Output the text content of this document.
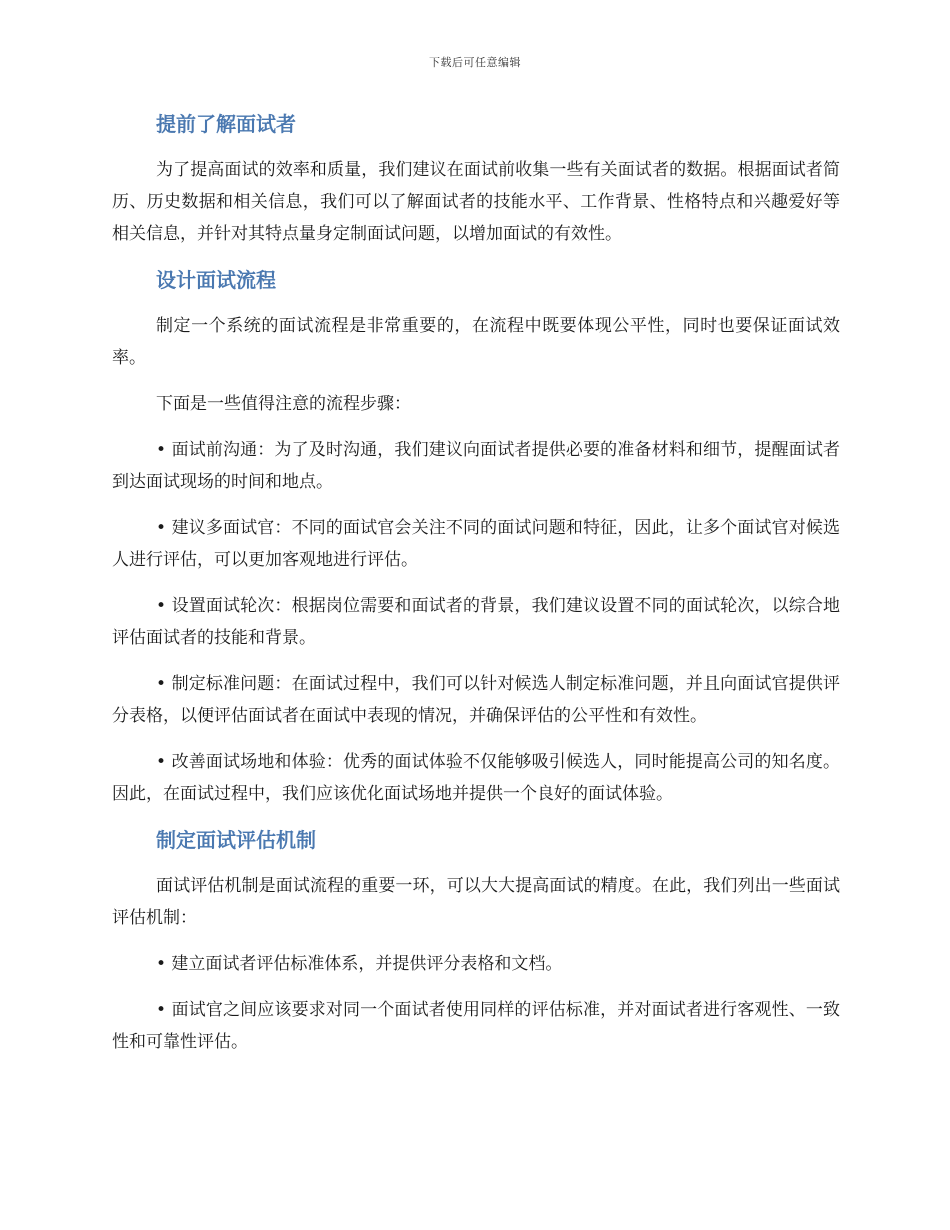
下载后可任意编辑
提前了解面试者

为了提高面试的效率和质量，我们建议在面试前收集一些有关面试者的数据。根据面试者简历、历史数据和相关信息，我们可以了解面试者的技能水平、工作背景、性格特点和兴趣爱好等相关信息，并针对其特点量身定制面试问题，以增加面试的有效性。

设计面试流程

制定一个系统的面试流程是非常重要的，在流程中既要体现公平性，同时也要保证面试效率。

下面是一些值得注意的流程步骤：

• 面试前沟通：为了及时沟通，我们建议向面试者提供必要的准备材料和细节，提醒面试者到达面试现场的时间和地点。

• 建议多面试官：不同的面试官会关注不同的面试问题和特征，因此，让多个面试官对候选人进行评估，可以更加客观地进行评估。

• 设置面试轮次：根据岗位需要和面试者的背景，我们建议设置不同的面试轮次，以综合地评估面试者的技能和背景。

• 制定标准问题：在面试过程中，我们可以针对候选人制定标准问题，并且向面试官提供评分表格，以便评估面试者在面试中表现的情况，并确保评估的公平性和有效性。

• 改善面试场地和体验：优秀的面试体验不仅能够吸引候选人，同时能提高公司的知名度。因此，在面试过程中，我们应该优化面试场地并提供一个良好的面试体验。

制定面试评估机制

面试评估机制是面试流程的重要一环，可以大大提高面试的精度。在此，我们列出一些面试评估机制：

• 建立面试者评估标准体系，并提供评分表格和文档。

• 面试官之间应该要求对同一个面试者使用同样的评估标准，并对面试者进行客观性、一致性和可靠性评估。
